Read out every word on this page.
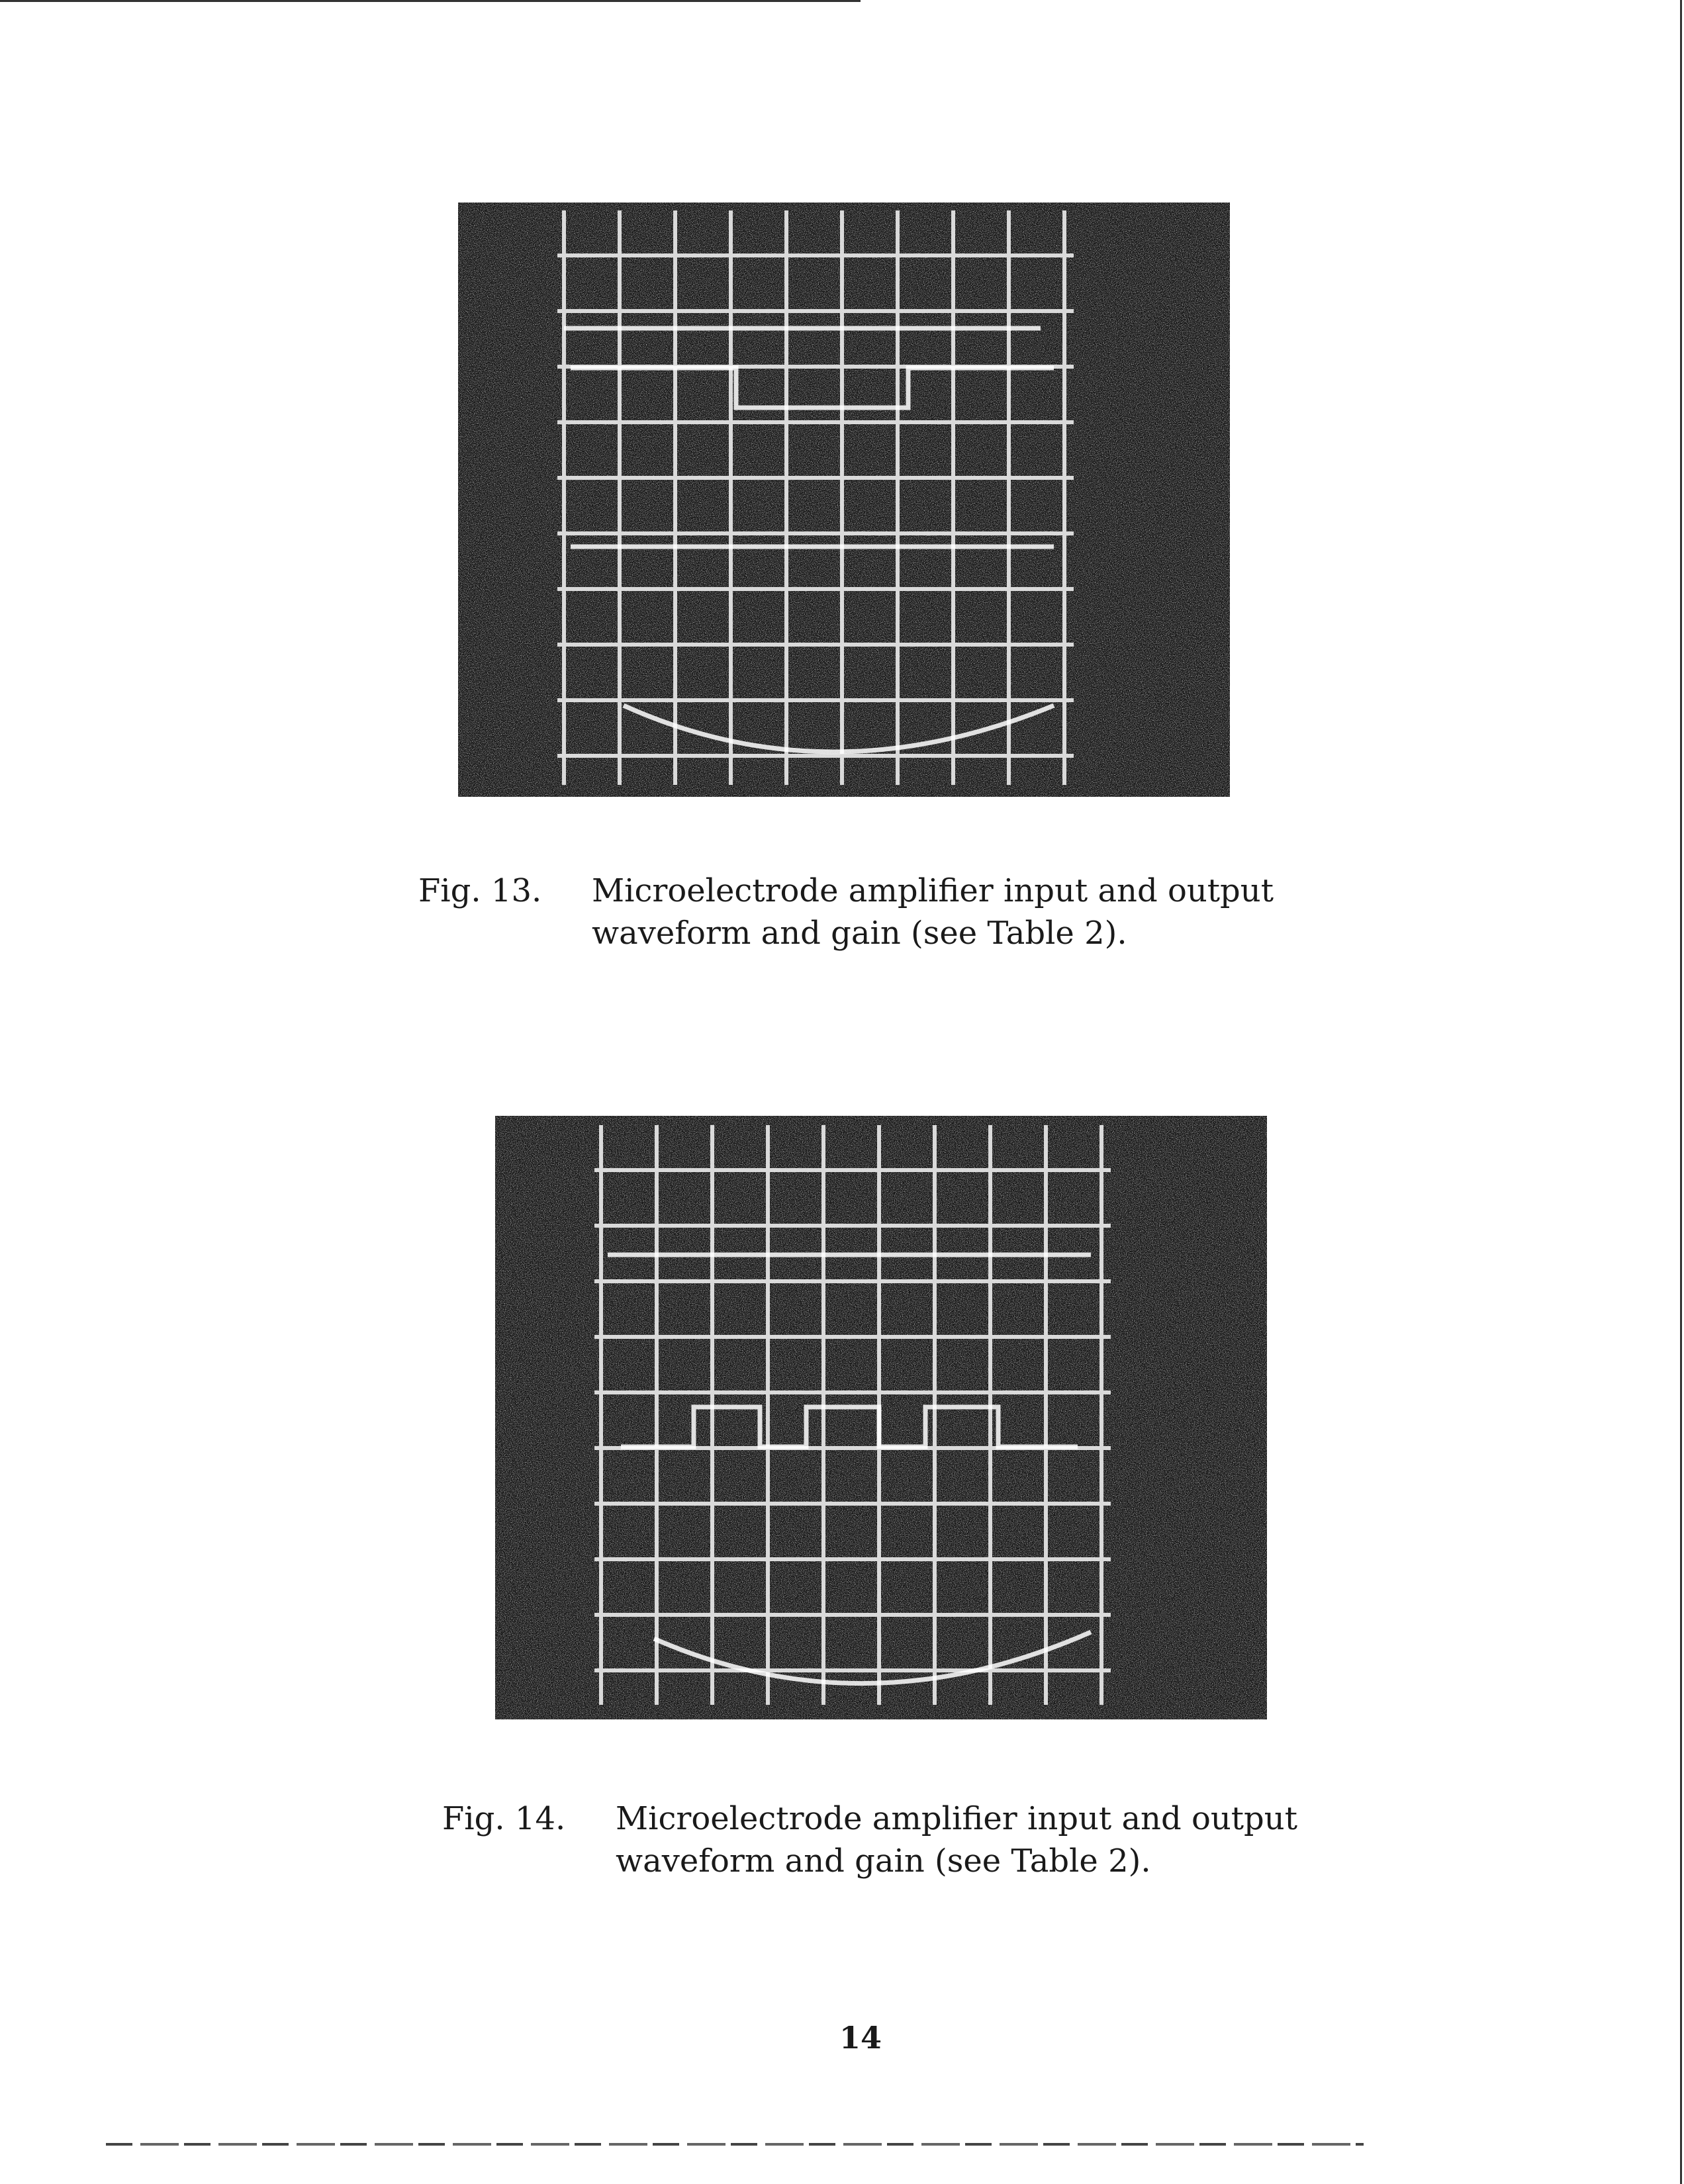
Fig. 13.	Microelectrode amplifier input and output
waveform and gain (see Table 2).
Fig. 14.	Microelectrode amplifier input and output
waveform and gain (see Table 2).
14
